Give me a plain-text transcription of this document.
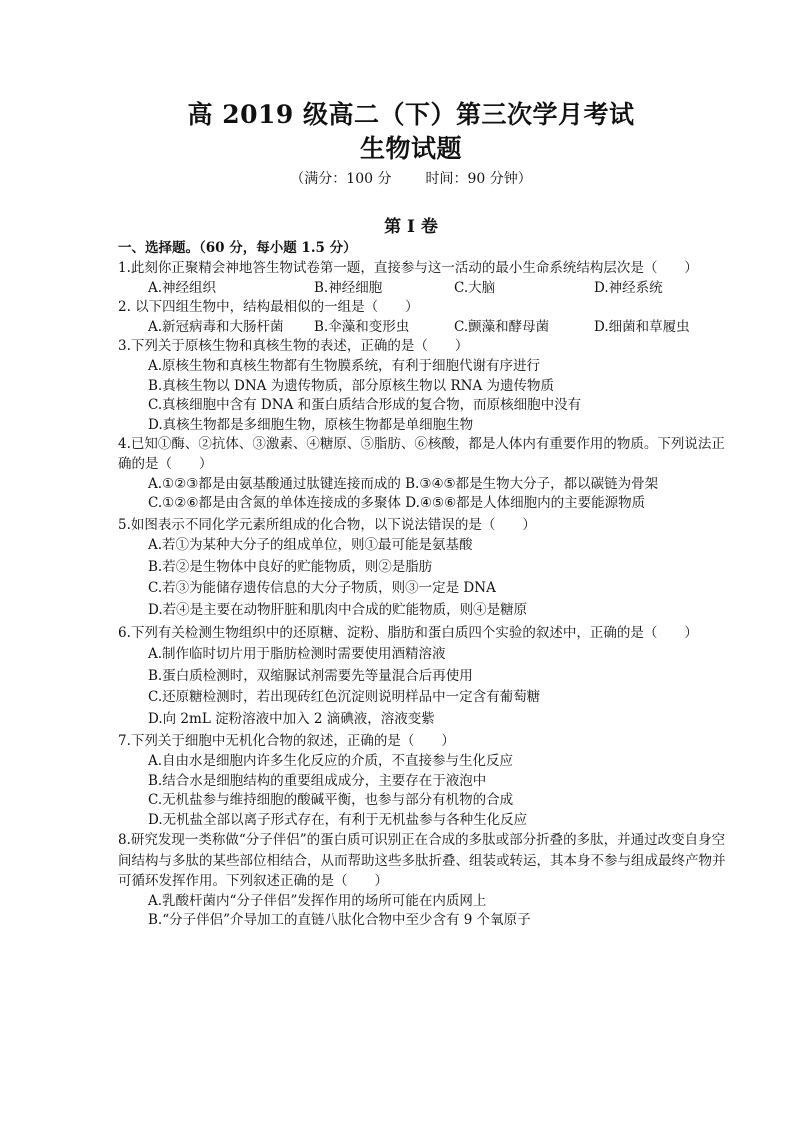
高 2019 级高二（下）第三次学月考试
生物试题
（满分：100 分 时间：90 分钟）
第 I 卷
一、选择题。（60 分，每小题 1.5 分）
1.此刻你正聚精会神地答生物试卷第一题，直接参与这一活动的最小生命系统结构层次是（　　）
A.神经组织	B.神经细胞	C.大脑	D.神经系统
2. 以下四组生物中，结构最相似的一组是（　　）
A.新冠病毒和大肠杆菌	B.伞藻和变形虫	C.颤藻和酵母菌	D.细菌和草履虫
3.下列关于原核生物和真核生物的表述，正确的是（　　）
A.原核生物和真核生物都有生物膜系统，有利于细胞代谢有序进行
B.真核生物以 DNA 为遗传物质，部分原核生物以 RNA 为遗传物质
C.真核细胞中含有 DNA 和蛋白质结合形成的复合物，而原核细胞中没有
D.真核生物都是多细胞生物，原核生物都是单细胞生物
4.已知①酶、②抗体、③激素、④糖原、⑤脂肪、⑥核酸，都是人体内有重要作用的物质。下列说法正确的是（　　）
A.①②③都是由氨基酸通过肽键连接而成的 B.③④⑤都是生物大分子，都以碳链为骨架
C.①②⑥都是由含氮的单体连接成的多聚体 D.④⑤⑥都是人体细胞内的主要能源物质
5.如图表示不同化学元素所组成的化合物，以下说法错误的是（　　）
A.若①为某种大分子的组成单位，则①最可能是氨基酸
B.若②是生物体中良好的贮能物质，则②是脂肪
C.若③为能储存遗传信息的大分子物质，则③一定是 DNA
D.若④是主要在动物肝脏和肌肉中合成的贮能物质，则④是糖原
6.下列有关检测生物组织中的还原糖、淀粉、脂肪和蛋白质四个实验的叙述中，正确的是（　　）
A.制作临时切片用于脂肪检测时需要使用酒精溶液
B.蛋白质检测时，双缩脲试剂需要先等量混合后再使用
C.还原糖检测时，若出现砖红色沉淀则说明样品中一定含有葡萄糖
D.向 2mL 淀粉溶液中加入 2 滴碘液，溶液变紫
7.下列关于细胞中无机化合物的叙述，正确的是（　　）
A.自由水是细胞内许多生化反应的介质，不直接参与生化反应
B.结合水是细胞结构的重要组成成分，主要存在于液泡中
C.无机盐参与维持细胞的酸碱平衡，也参与部分有机物的合成
D.无机盐全部以离子形式存在，有利于无机盐参与各种生化反应
8.研究发现一类称做“分子伴侣”的蛋白质可识别正在合成的多肽或部分折叠的多肽，并通过改变自身空间结构与多肽的某些部位相结合，从而帮助这些多肽折叠、组装或转运，其本身不参与组成最终产物并可循环发挥作用。下列叙述正确的是（　　）
A.乳酸杆菌内“分子伴侣”发挥作用的场所可能在内质网上
B.“分子伴侣”介导加工的直链八肽化合物中至少含有 9 个氧原子
